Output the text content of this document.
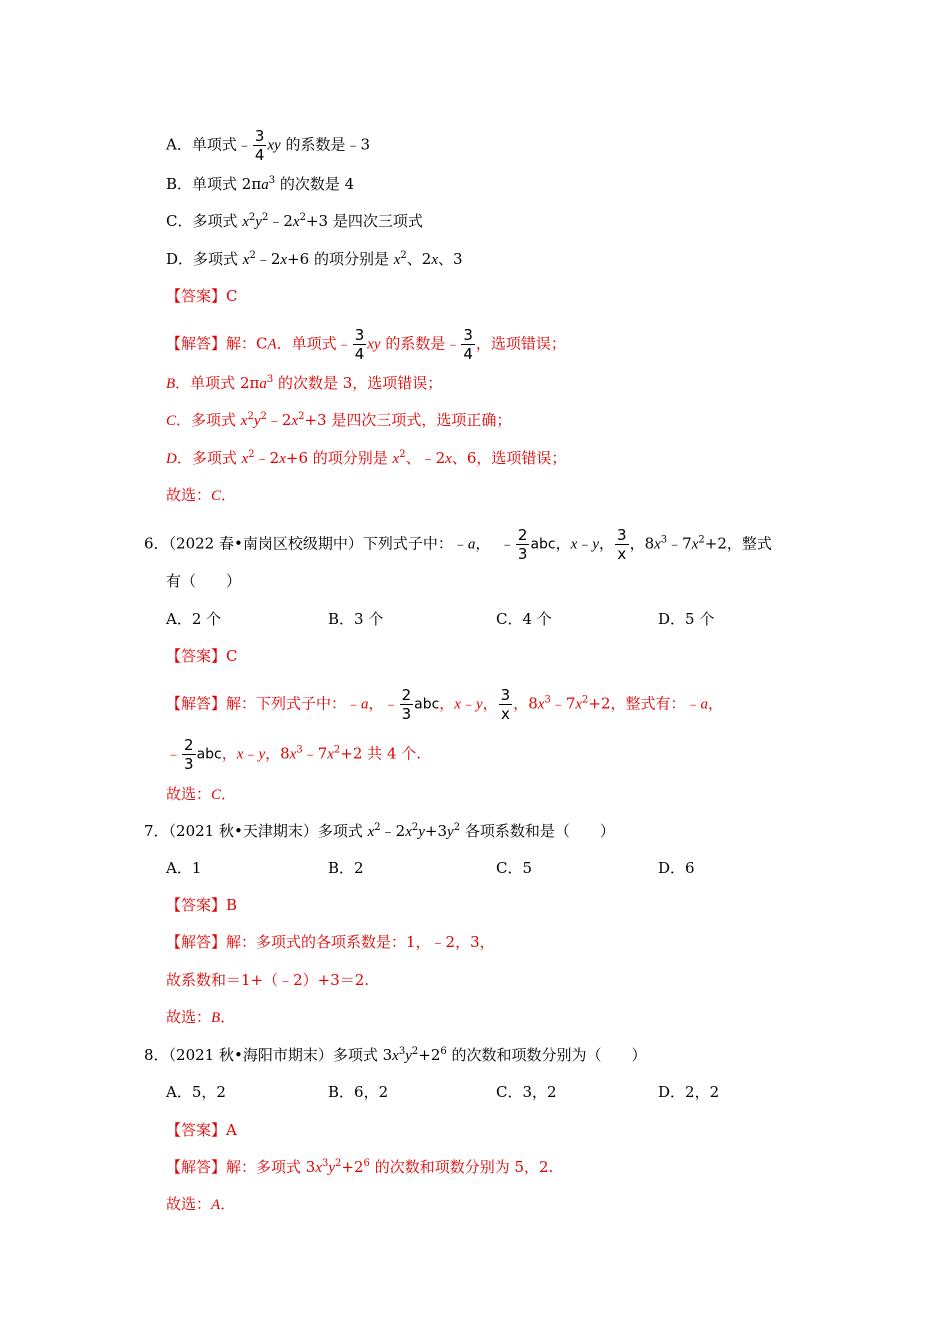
A．单项式﹣ $\frac{3}{4}$ xy 的系数是﹣3
B．单项式 $2\pi a^3$ 的次数是 4
C．多项式 $x^2y^2﹣2x^2+3$ 是四次三项式
D．多项式 $x^2﹣2x+6$ 的项分别是 $x^2$、2x、3
【答案】C
【解答】解：CA．单项式﹣ $\frac{3}{4}$ xy 的系数是﹣ $\frac{3}{4}$ ，选项错误；
B．单项式 $2\pi a^3$ 的次数是 3，选项错误；
C．多项式 $x^2y^2﹣2x^2+3$ 是四次三项式，选项正确；
D．多项式 $x^2﹣2x+6$ 的项分别是 $x^2$、﹣2x、6，选项错误；
故选：C．
6．（2022 春•南岗区校级期中）下列式子中：﹣a，  ﹣ $\frac{2}{3}$ abc，x﹣y， $\frac{3}{x}$ ，$8x^3﹣7x^2+2$，整式
有（　　）
A．2 个	B．3 个	C．4 个	D．5 个
【答案】C
【解答】解：下列式子中：﹣a，﹣ $\frac{2}{3}$ abc，x﹣y， $\frac{3}{x}$ ，$8x^3﹣7x^2+2$，整式有：﹣a，
﹣ $\frac{2}{3}$ abc，x﹣y，$8x^3﹣7x^2+2$ 共 4 个.
故选：C．
7．（2021 秋•天津期末）多项式 $x^2﹣2x^2y+3y^2$ 各项系数和是（　　）
A．1	B．2	C．5	D．6
【答案】B
【解答】解：多项式的各项系数是：1，﹣2，3，
故系数和＝1+（﹣2）+3＝2.
故选：B．
8．（2021 秋•海阳市期末）多项式 $3x^3y^2+2^6$ 的次数和项数分别为（　　）
A．5，2	B．6，2	C．3，2	D．2，2
【答案】A
【解答】解：多项式 $3x^3y^2+2^6$ 的次数和项数分别为 5，2.
故选：A．
